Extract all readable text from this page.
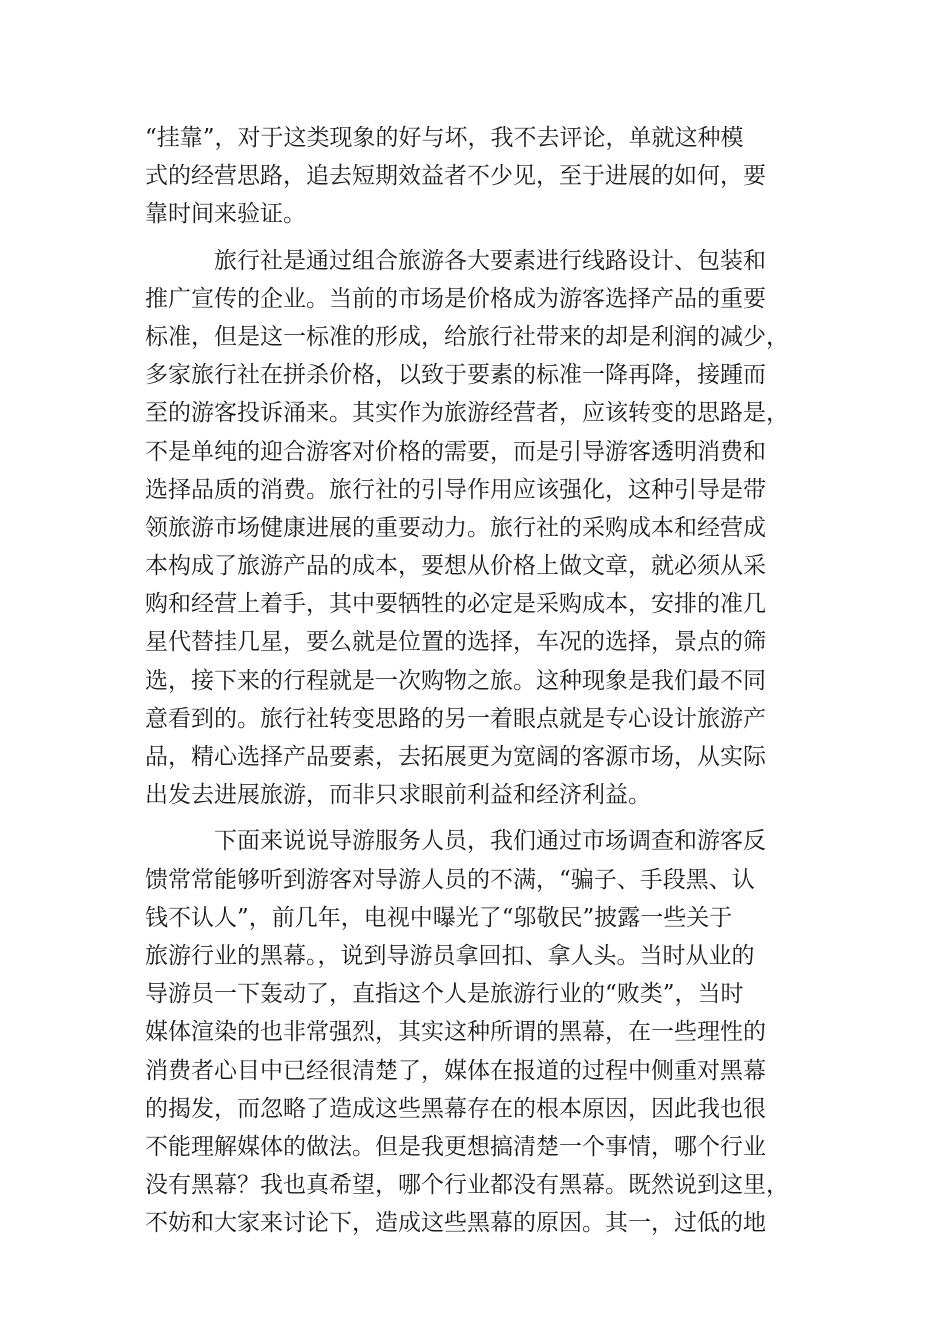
“挂靠”，对于这类现象的好与坏，我不去评论，单就这种模
式的经营思路，追去短期效益者不少见，至于进展的如何，要
靠时间来验证。
旅行社是通过组合旅游各大要素进行线路设计、包装和
推广宣传的企业。当前的市场是价格成为游客选择产品的重要
标准，但是这一标准的形成，给旅行社带来的却是利润的减少，
多家旅行社在拼杀价格，以致于要素的标准一降再降，接踵而
至的游客投诉涌来。其实作为旅游经营者，应该转变的思路是，
不是单纯的迎合游客对价格的需要，而是引导游客透明消费和
选择品质的消费。旅行社的引导作用应该强化，这种引导是带
领旅游市场健康进展的重要动力。旅行社的采购成本和经营成
本构成了旅游产品的成本，要想从价格上做文章，就必须从采
购和经营上着手，其中要牺牲的必定是采购成本，安排的准几
星代替挂几星，要么就是位置的选择，车况的选择，景点的筛
选，接下来的行程就是一次购物之旅。这种现象是我们最不同
意看到的。旅行社转变思路的另一着眼点就是专心设计旅游产
品，精心选择产品要素，去拓展更为宽阔的客源市场，从实际
出发去进展旅游，而非只求眼前利益和经济利益。
下面来说说导游服务人员，我们通过市场调查和游客反
馈常常能够听到游客对导游人员的不满，“骗子、手段黑、认
钱不认人”，前几年，电视中曝光了“邬敬民”披露一些关于
旅游行业的黑幕。，说到导游员拿回扣、拿人头。当时从业的
导游员一下轰动了，直指这个人是旅游行业的“败类”，当时
媒体渲染的也非常强烈，其实这种所谓的黑幕，在一些理性的
消费者心目中已经很清楚了，媒体在报道的过程中侧重对黑幕
的揭发，而忽略了造成这些黑幕存在的根本原因，因此我也很
不能理解媒体的做法。但是我更想搞清楚一个事情，哪个行业
没有黑幕？我也真希望，哪个行业都没有黑幕。既然说到这里，
不妨和大家来讨论下，造成这些黑幕的原因。其一，过低的地
